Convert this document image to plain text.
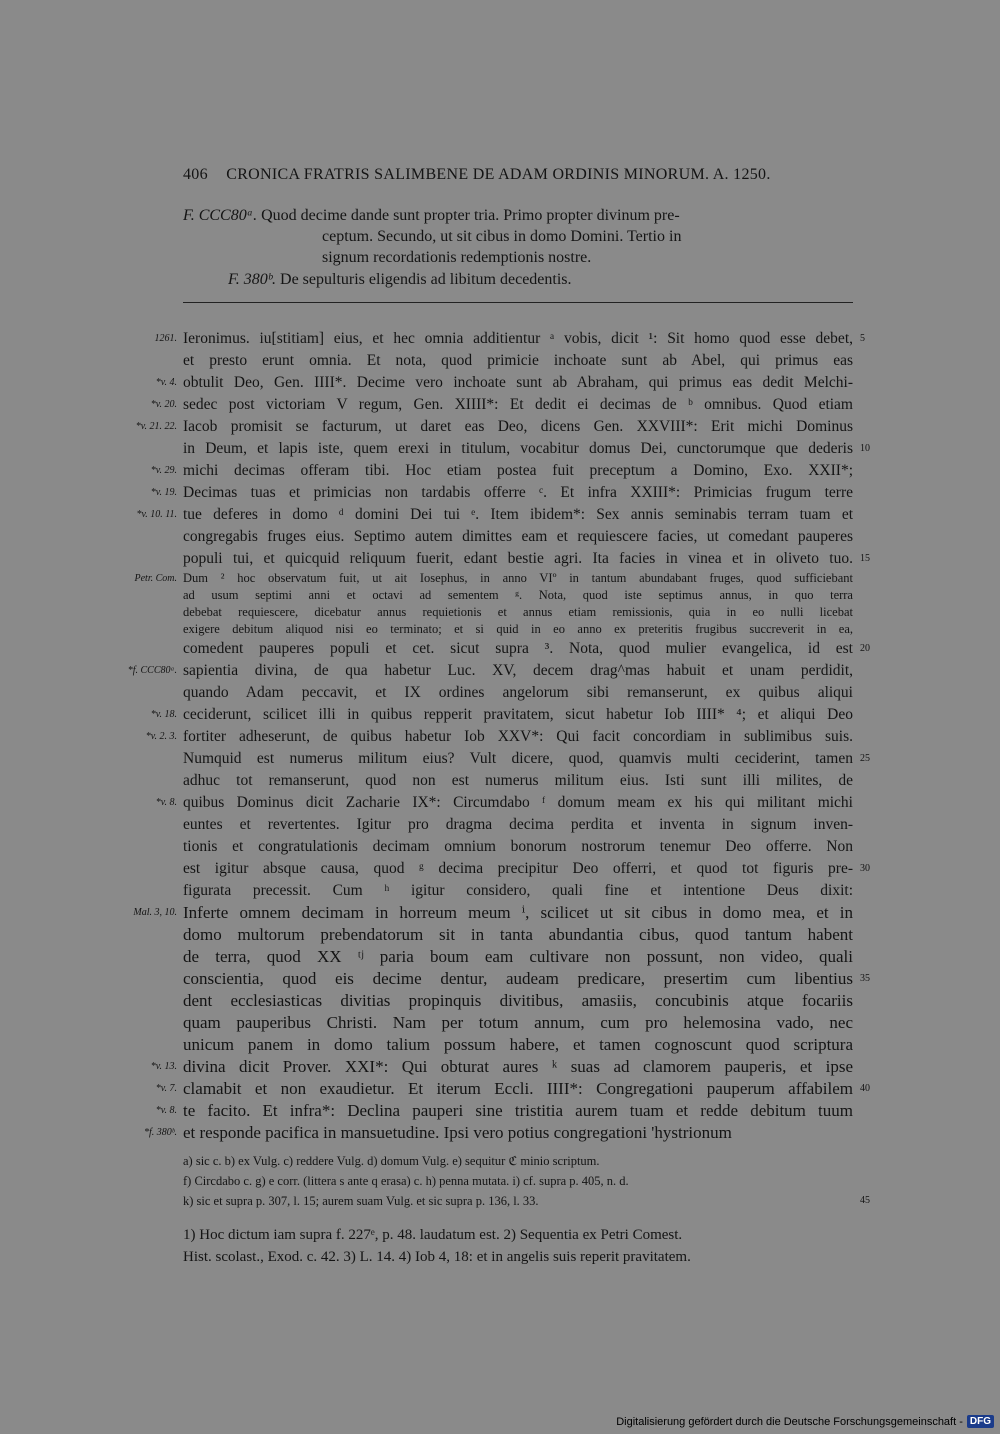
406 CRONICA FRATRIS SALIMBENE DE ADAM ORDINIS MINORUM. A. 1250.
F. CCC80ᵃ. Quod decime dande sunt propter tria. Primo propter divinum pre-
ceptum. Secundo, ut sit cibus in domo Domini. Tertio in
signum recordationis redemptionis nostre.
F. 380ᵇ. De sepulturis eligendis ad libitum decedentis.
Ieronimus. iu[stitiam] eius, et hec omnia additientur ᵃ vobis, dicit ¹: Sit homo quod esse debet,
1261.	5
et presto erunt omnia. Et nota, quod primicie inchoate sunt ab Abel, qui primus eas
obtulit Deo, Gen. IIII*. Decime vero inchoate sunt ab Abraham, qui primus eas dedit Melchi-
*v. 4.
sedec post victoriam V regum, Gen. XIIII*: Et dedit ei decimas de ᵇ omnibus. Quod etiam
*v. 20.
Iacob promisit se facturum, ut daret eas Deo, dicens Gen. XXVIII*: Erit michi Dominus
*v. 21. 22.
in Deum, et lapis iste, quem erexi in titulum, vocabitur domus Dei, cunctorumque que dederis 10
michi decimas offeram tibi. Hoc etiam postea fuit preceptum a Domino, Exo. XXII*;
*v. 29.
Decimas tuas et primicias non tardabis offerre ᶜ. Et infra XXIII*: Primicias frugum terre
*v. 19.
tue deferes in domo ᵈ domini Dei tui ᵉ. Item ibidem*: Sex annis seminabis terram tuam et
*v. 10. 11.
congregabis fruges eius. Septimo autem dimittes eam et requiescere facies, ut comedant pauperes
populi tui, et quicquid reliquum fuerit, edant bestie agri. Ita facies in vinea et in oliveto tuo. 15
Dum ² hoc observatum fuit, ut ait Iosephus, in anno VIº in tantum abundabant fruges, quod sufficiebant
Petr. Com.
ad usum septimi anni et octavi ad sementem ᵍ. Nota, quod iste septimus annus, in quo terra
debebat requiescere, dicebatur annus requietionis et annus etiam remissionis, quia in eo nulli licebat
exigere debitum aliquod nisi eo terminato; et si quid in eo anno ex preteritis frugibus succreverit in ea,
comedent pauperes populi et cet. sicut supra ³. Nota, quod mulier evangelica, id est 20
sapientia divina, de qua habetur Luc. XV, decem drag^mas habuit et unam perdidit,
*f. CCC80ᵃ.
quando Adam peccavit, et IX ordines angelorum sibi remanserunt, ex quibus aliqui
ceciderunt, scilicet illi in quibus repperit pravitatem, sicut habetur Iob IIII* ⁴; et aliqui Deo
*v. 18.
fortiter adheserunt, de quibus habetur Iob XXV*: Qui facit concordiam in sublimibus suis.
*v. 2. 3.
Numquid est numerus militum eius? Vult dicere, quod, quamvis multi ceciderint, tamen 25
adhuc tot remanserunt, quod non est numerus militum eius. Isti sunt illi milites, de
quibus Dominus dicit Zacharie IX*: Circumdabo ᶠ domum meam ex his qui militant michi
*v. 8.
euntes et revertentes. Igitur pro dragma decima perdita et inventa in signum inven-
tionis et congratulationis decimam omnium bonorum nostrorum tenemur Deo offerre. Non
est igitur absque causa, quod ᵍ decima precipitur Deo offerri, et quod tot figuris pre- 30
figurata precessit. Cum ʰ igitur considero, quali fine et intentione Deus dixit:
Inferte omnem decimam in horreum meum ⁱ, scilicet ut sit cibus in domo mea, et in
Mal. 3, 10.
domo multorum prebendatorum sit in tanta abundantia cibus, quod tantum habent
de terra, quod XX ᵗʲ paria boum eam cultivare non possunt, non video, quali
conscientia, quod eis decime dentur, audeam predicare, presertim cum libentius 35
dent ecclesiasticas divitias propinquis divitibus, amasiis, concubinis atque focariis
quam pauperibus Christi. Nam per totum annum, cum pro helemosina vado, nec
unicum panem in domo talium possum habere, et tamen cognoscunt quod scriptura
divina dicit Prover. XXI*: Qui obturat aures ᵏ suas ad clamorem pauperis, et ipse
*v. 13.
clamabit et non exaudietur. Et iterum Eccli. IIII*: Congregationi pauperum affabilem
*v. 7.	40
te facito. Et infra*: Declina pauperi sine tristitia aurem tuam et redde debitum tuum
*v. 8.
et responde pacifica in mansuetudine. Ipsi vero potius congregationi 'hystrionum
*f. 380ᵇ.
a) sic c. b) ex Vulg. c) reddere Vulg. d) domum Vulg. e) sequitur ℭ minio scriptum.
f) Circdabo c. g) e corr. (littera s ante q erasa) c. h) penna mutata. i) cf. supra p. 405, n. d.
k) sic et supra p. 307, l. 15; aurem suam Vulg. et sic supra p. 136, l. 33.	45
1) Hoc dictum iam supra f. 227ᵉ, p. 48. laudatum est. 2) Sequentia ex Petri Comest.
Hist. scolast., Exod. c. 42. 3) L. 14. 4) Iob 4, 18: et in angelis suis reperit pravitatem.
Digitalisierung gefördert durch die Deutsche Forschungsgemeinschaft - DFG
